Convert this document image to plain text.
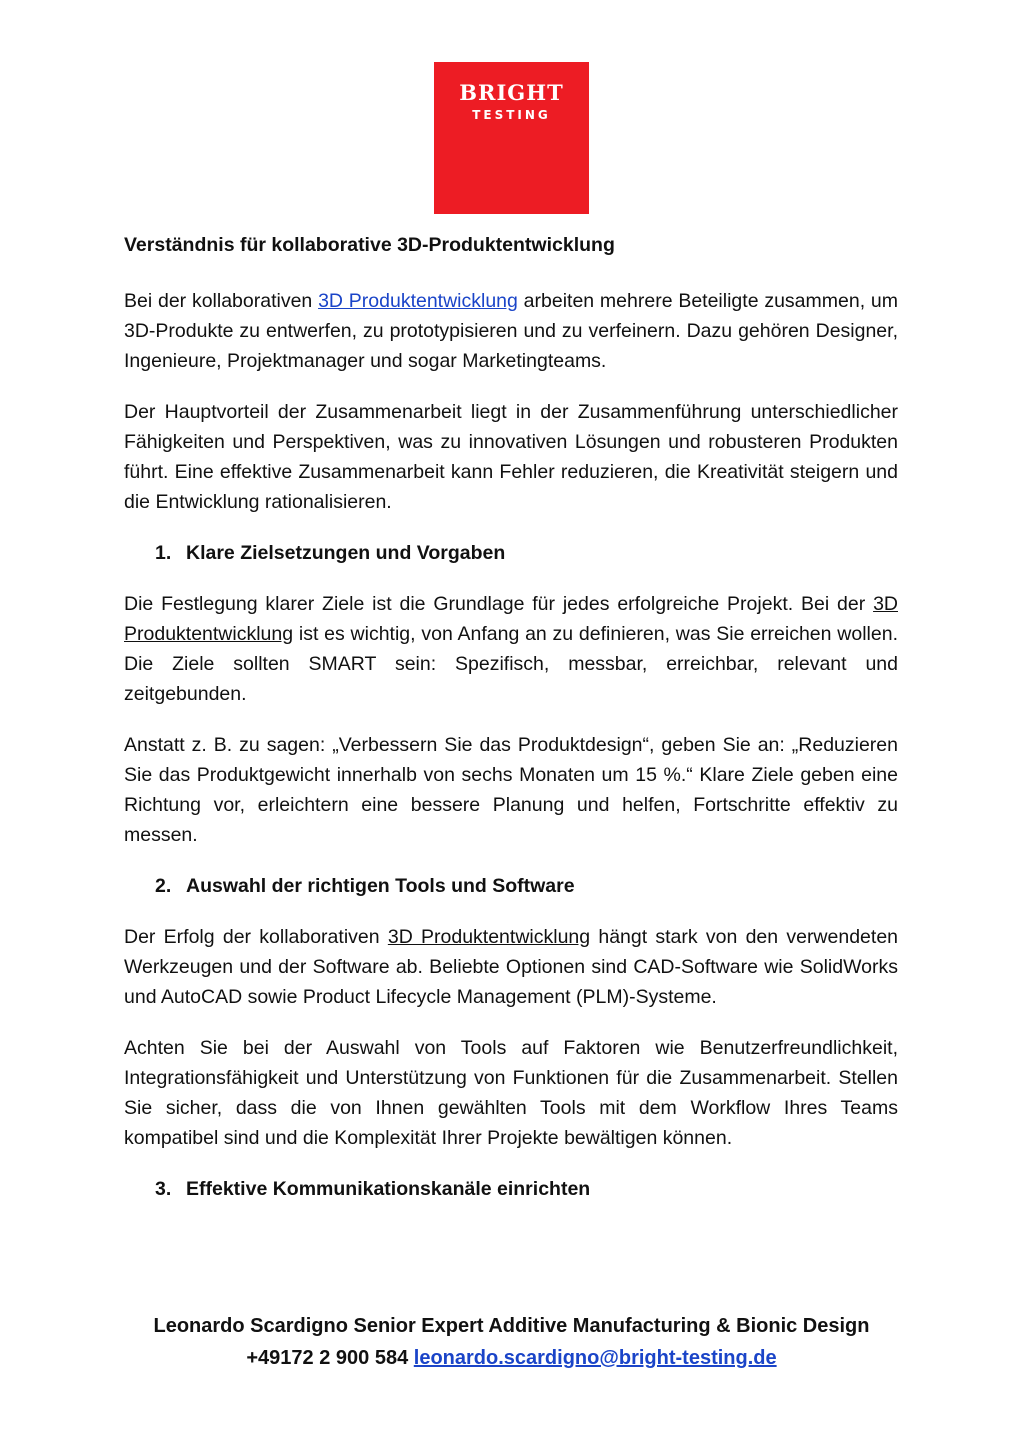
BRIGHT
TESTING
Verständnis für kollaborative 3D-Produktentwicklung

Bei der kollaborativen 3D Produktentwicklung arbeiten mehrere Beteiligte zusammen, um 3D-Produkte zu entwerfen, zu prototypisieren und zu verfeinern. Dazu gehören Designer, Ingenieure, Projektmanager und sogar Marketingteams.

Der Hauptvorteil der Zusammenarbeit liegt in der Zusammenführung unterschiedlicher Fähigkeiten und Perspektiven, was zu innovativen Lösungen und robusteren Produkten führt. Eine effektive Zusammenarbeit kann Fehler reduzieren, die Kreativität steigern und die Entwicklung rationalisieren.

1. Klare Zielsetzungen und Vorgaben

Die Festlegung klarer Ziele ist die Grundlage für jedes erfolgreiche Projekt. Bei der 3D Produktentwicklung ist es wichtig, von Anfang an zu definieren, was Sie erreichen wollen. Die Ziele sollten SMART sein: Spezifisch, messbar, erreichbar, relevant und zeitgebunden.

Anstatt z. B. zu sagen: „Verbessern Sie das Produktdesign“, geben Sie an: „Reduzieren Sie das Produktgewicht innerhalb von sechs Monaten um 15 %.“ Klare Ziele geben eine Richtung vor, erleichtern eine bessere Planung und helfen, Fortschritte effektiv zu messen.

2. Auswahl der richtigen Tools und Software

Der Erfolg der kollaborativen 3D Produktentwicklung hängt stark von den verwendeten Werkzeugen und der Software ab. Beliebte Optionen sind CAD-Software wie SolidWorks und AutoCAD sowie Product Lifecycle Management (PLM)-Systeme.

Achten Sie bei der Auswahl von Tools auf Faktoren wie Benutzerfreundlichkeit, Integrationsfähigkeit und Unterstützung von Funktionen für die Zusammenarbeit. Stellen Sie sicher, dass die von Ihnen gewählten Tools mit dem Workflow Ihres Teams kompatibel sind und die Komplexität Ihrer Projekte bewältigen können.

3. Effektive Kommunikationskanäle einrichten
Leonardo Scardigno Senior Expert Additive Manufacturing & Bionic Design
+49172 2 900 584 leonardo.scardigno@bright-testing.de
